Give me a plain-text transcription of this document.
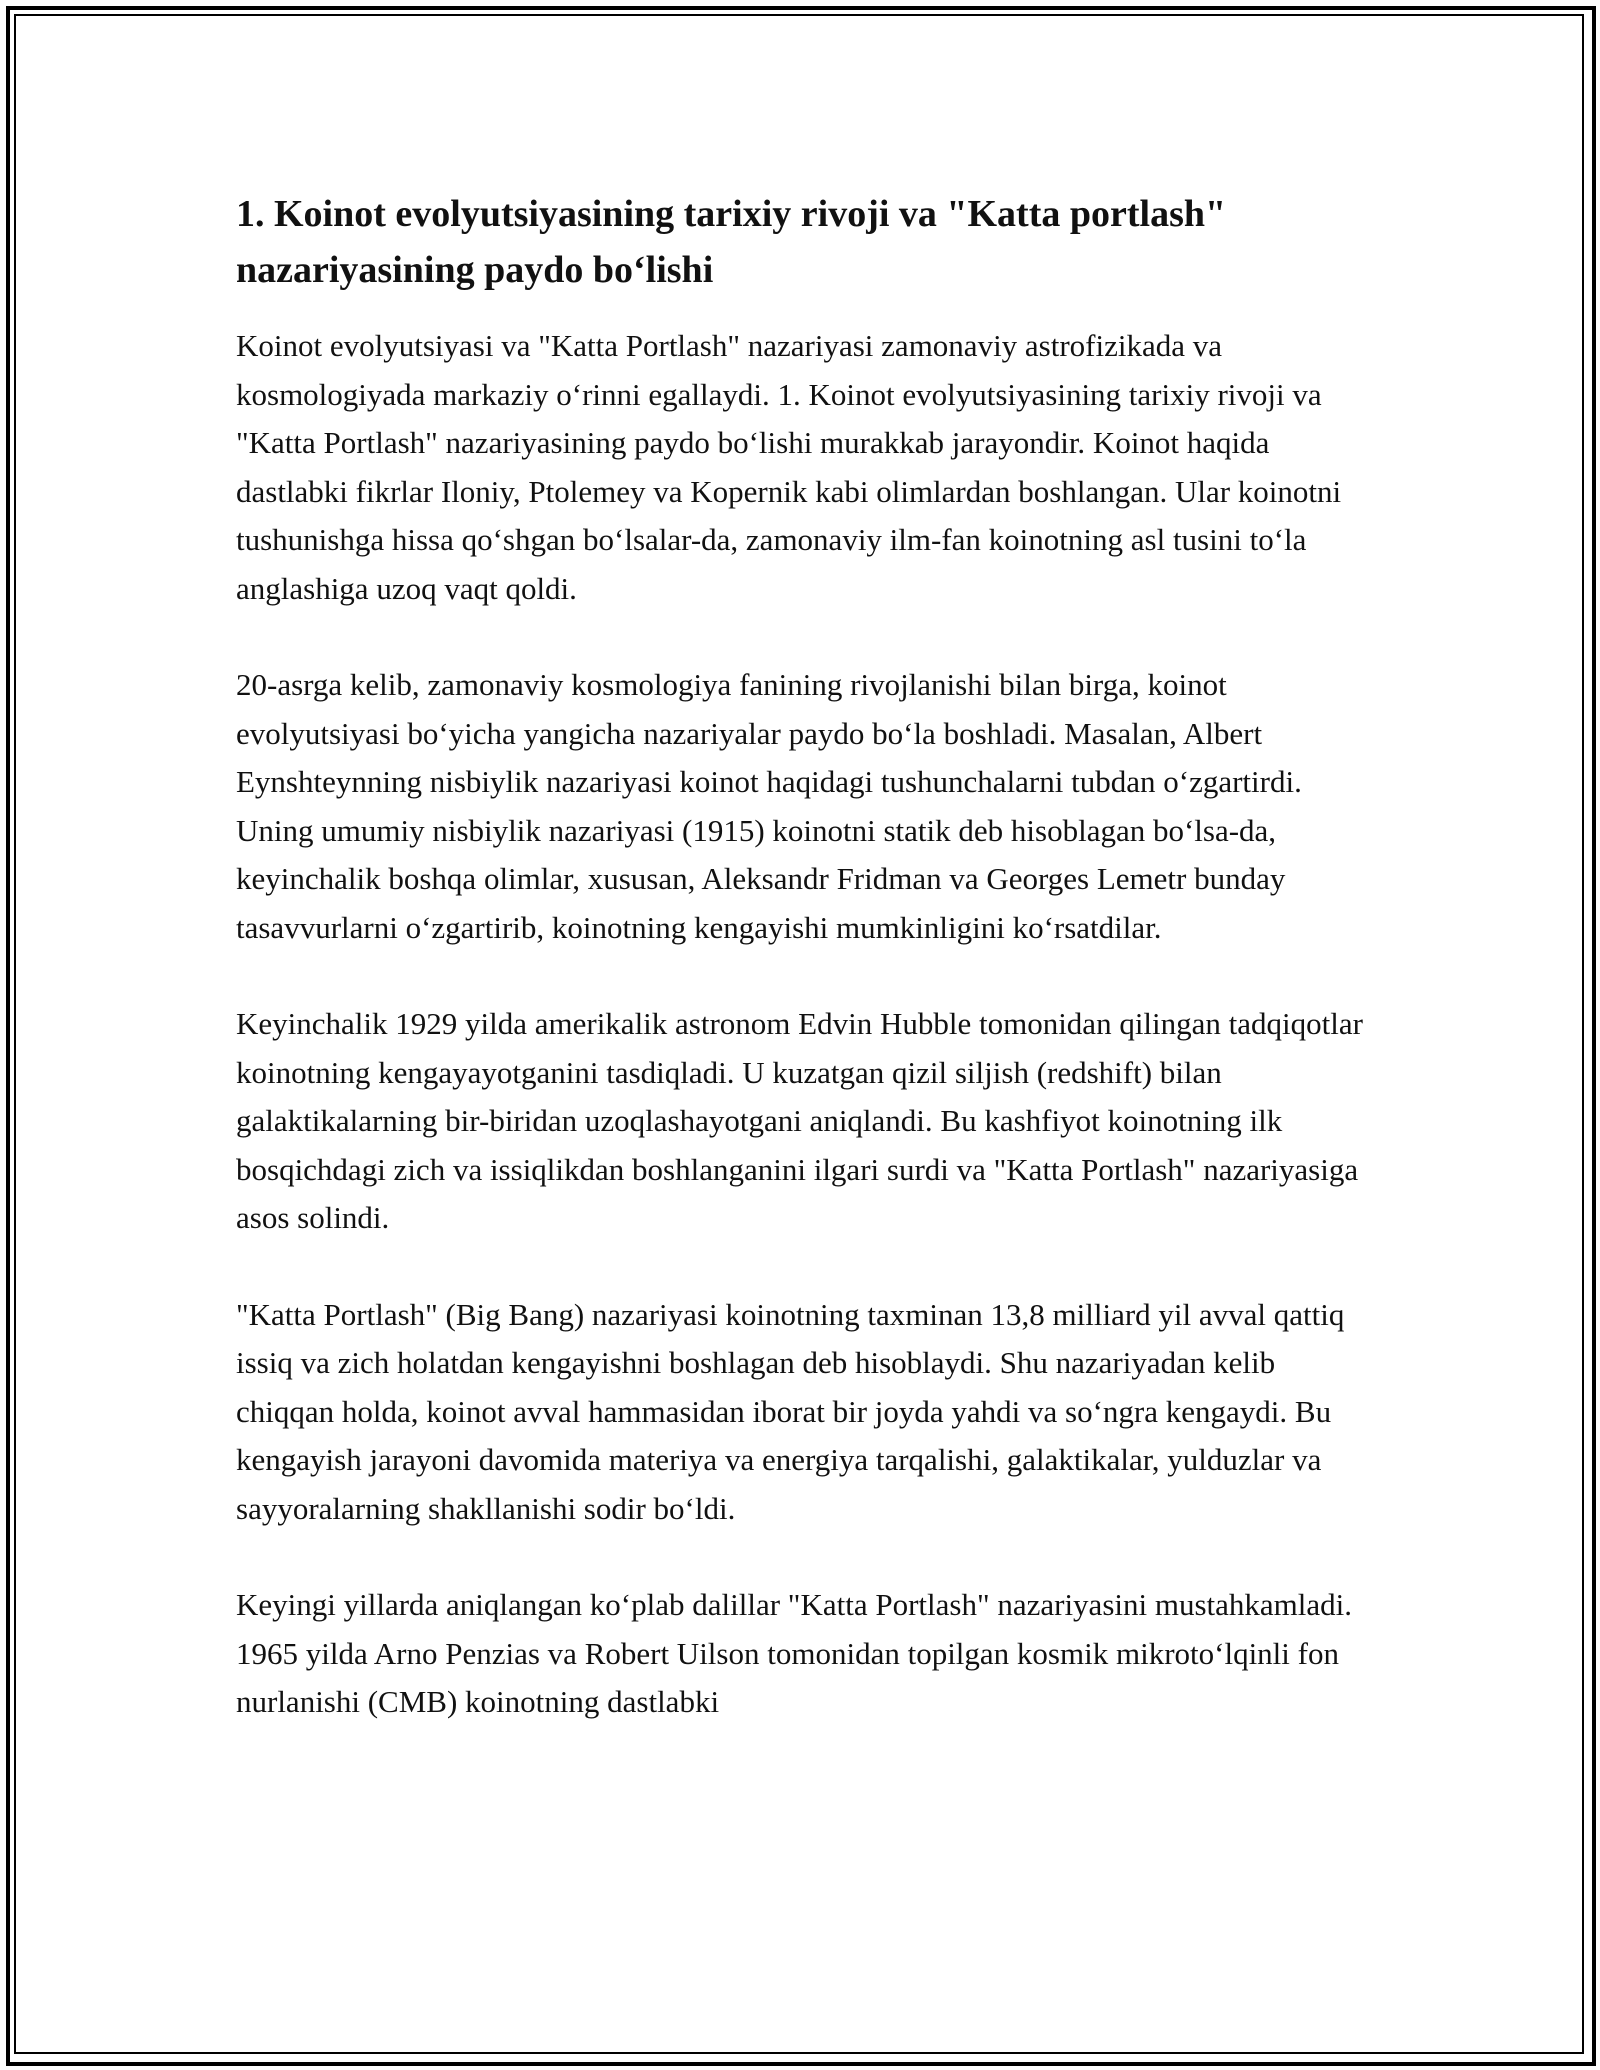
1. Koinot evolyutsiyasining tarixiy rivoji va "Katta portlash" nazariyasining paydo bo‘lishi

Koinot evolyutsiyasi va "Katta Portlash" nazariyasi zamonaviy astrofizikada va kosmologiyada markaziy o‘rinni egallaydi. 1. Koinot evolyutsiyasining tarixiy rivoji va "Katta Portlash" nazariyasining paydo bo‘lishi murakkab jarayondir. Koinot haqida dastlabki fikrlar Iloniy, Ptolemey va Kopernik kabi olimlardan boshlangan. Ular koinotni tushunishga hissa qo‘shgan bo‘lsalar-da, zamonaviy ilm-fan koinotning asl tusini to‘la anglashiga uzoq vaqt qoldi.

20-asrga kelib, zamonaviy kosmologiya fanining rivojlanishi bilan birga, koinot evolyutsiyasi bo‘yicha yangicha nazariyalar paydo bo‘la boshladi. Masalan, Albert Eynshteynning nisbiylik nazariyasi koinot haqidagi tushunchalarni tubdan o‘zgartirdi. Uning umumiy nisbiylik nazariyasi (1915) koinotni statik deb hisoblagan bo‘lsa-da, keyinchalik boshqa olimlar, xususan, Aleksandr Fridman va Georges Lemetr bunday tasavvurlarni o‘zgartirib, koinotning kengayishi mumkinligini ko‘rsatdilar.

Keyinchalik 1929 yilda amerikalik astronom Edvin Hubble tomonidan qilingan tadqiqotlar koinotning kengayayotganini tasdiqladi. U kuzatgan qizil siljish (redshift) bilan galaktikalarning bir-biridan uzoqlashayotgani aniqlandi. Bu kashfiyot koinotning ilk bosqichdagi zich va issiqlikdan boshlanganini ilgari surdi va "Katta Portlash" nazariyasiga asos solindi.

"Katta Portlash" (Big Bang) nazariyasi koinotning taxminan 13,8 milliard yil avval qattiq issiq va zich holatdan kengayishni boshlagan deb hisoblaydi. Shu nazariyadan kelib chiqqan holda, koinot avval hammasidan iborat bir joyda yahdi va so‘ngra kengaydi. Bu kengayish jarayoni davomida materiya va energiya tarqalishi, galaktikalar, yulduzlar va sayyoralarning shakllanishi sodir bo‘ldi.

Keyingi yillarda aniqlangan ko‘plab dalillar "Katta Portlash" nazariyasini mustahkamladi. 1965 yilda Arno Penzias va Robert Uilson tomonidan topilgan kosmik mikroto‘lqinli fon nurlanishi (CMB) koinotning dastlabki
